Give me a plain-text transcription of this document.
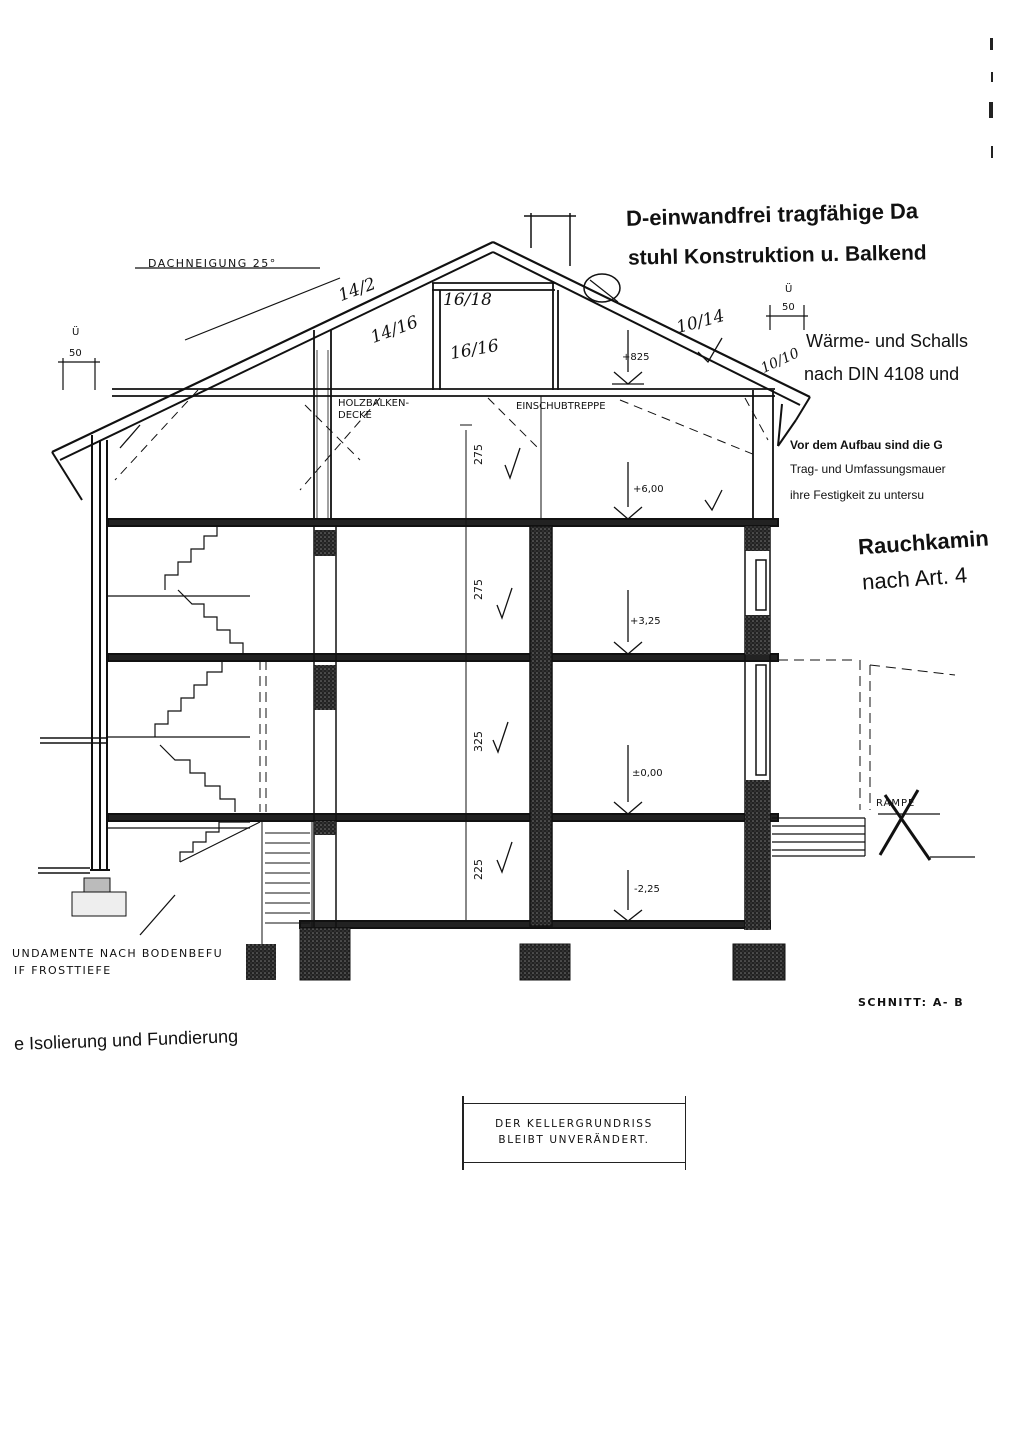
275
275
325
225
DACHNEIGUNG 25°
HOLZBALKEN-
DECKE
EINSCHUBTREPPE
Ü
50
Ü
50
+825
+6,00
+3,25
±0,00
-2,25
14/2
14/16
16/18
16/16
10/14
10/10
RAMPE
UNDAMENTE NACH BODENBEFU
IF FROSTTIEFE
SCHNITT: A- B
D-einwandfrei tragfähige Da
stuhl Konstruktion u. Balkend
Wärme- und Schalls
nach DIN 4108 und
Vor dem Aufbau sind die G
Trag- und Umfassungsmauer
ihre Festigkeit zu untersu
Rauchkamin
nach Art. 4
e Isolierung und Fundierung
DER KELLERGRUNDRISS
BLEIBT UNVERÄNDERT.
